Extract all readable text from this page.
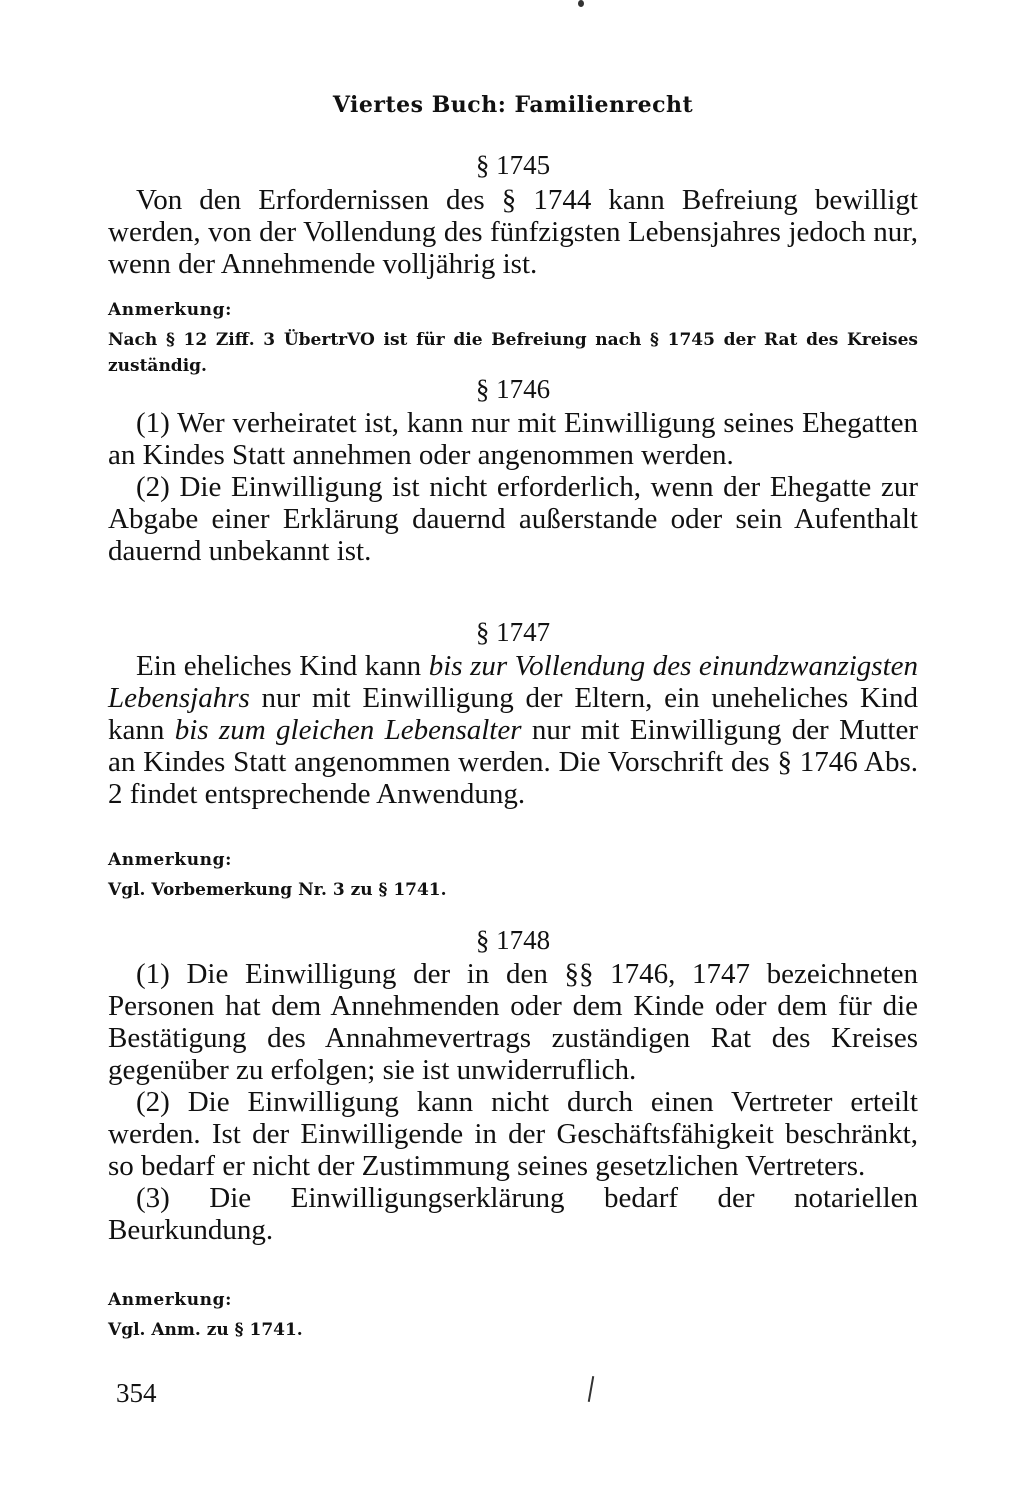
Viertes Buch: Familienrecht
§ 1745

Von den Erfordernissen des § 1744 kann Befreiung bewilligt werden, von der Vollendung des fünfzigsten Lebensjahres jedoch nur, wenn der Annehmende volljährig ist.

Anmerkung:
Nach § 12 Ziff. 3 ÜbertrVO ist für die Befreiung nach § 1745 der Rat des Kreises zuständig.
§ 1746

(1) Wer verheiratet ist, kann nur mit Einwilligung seines Ehegatten an Kindes Statt annehmen oder angenommen werden.

(2) Die Einwilligung ist nicht erforderlich, wenn der Ehegatte zur Abgabe einer Erklärung dauernd außerstande oder sein Aufenthalt dauernd unbekannt ist.

§ 1747

Ein eheliches Kind kann bis zur Vollendung des einundzwanzigsten Lebensjahrs nur mit Einwilligung der Eltern, ein uneheliches Kind kann bis zum gleichen Lebensalter nur mit Einwilligung der Mutter an Kindes Statt angenommen werden. Die Vorschrift des § 1746 Abs. 2 findet entsprechende Anwendung.

Anmerkung:
Vgl. Vorbemerkung Nr. 3 zu § 1741.
§ 1748

(1) Die Einwilligung der in den §§ 1746, 1747 bezeichneten Personen hat dem Annehmenden oder dem Kinde oder dem für die Bestätigung des Annahmevertrags zuständigen Rat des Kreises gegenüber zu erfolgen; sie ist unwiderruflich.

(2) Die Einwilligung kann nicht durch einen Vertreter erteilt werden. Ist der Einwilligende in der Geschäftsfähigkeit beschränkt, so bedarf er nicht der Zustimmung seines gesetzlichen Vertreters.

(3) Die Einwilligungserklärung bedarf der notariellen Beurkundung.

Anmerkung:
Vgl. Anm. zu § 1741.
354
